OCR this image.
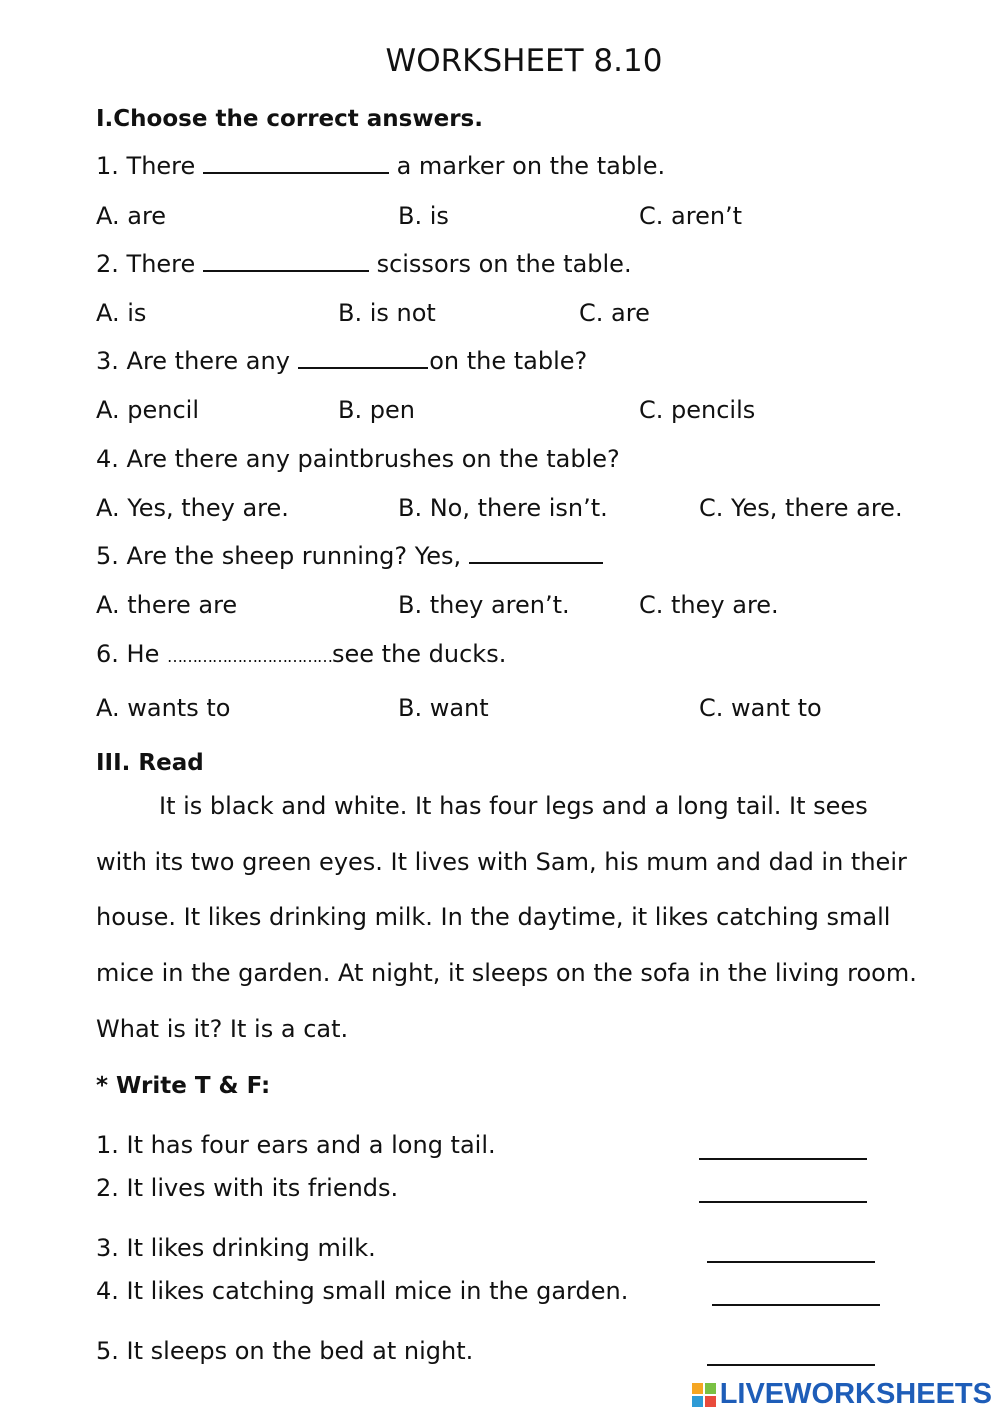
WORKSHEET 8.10
I.Choose the correct answers.
1. There	a marker on the table.
A. are	B. is	C. aren’t
2. There	scissors on the table.
A. is	B. is not	C. are
3. Are there any	on the table?
A. pencil	B. pen	C. pencils
4. Are there any paintbrushes on the table?
A. Yes, they are.	B. No, there isn’t.	C. Yes, there are.
5. Are the sheep running? Yes,
A. there are	B. they aren’t.	C. they are.
6. He ……………………………see the ducks.
A. wants to	B. want	C. want to
III. Read
It is black and white. It has four legs and a long tail. It sees
with its two green eyes. It lives with Sam, his mum and dad in their
house. It likes drinking milk. In the daytime, it likes catching small
mice in the garden. At night, it sleeps on the sofa in the living room.
What is it? It is a cat.
* Write T & F:
1. It has four ears and a long tail.
2. It lives with its friends.
3. It likes drinking milk.
4. It likes catching small mice in the garden.
5. It sleeps on the bed at night.
LIVEWORKSHEETS
